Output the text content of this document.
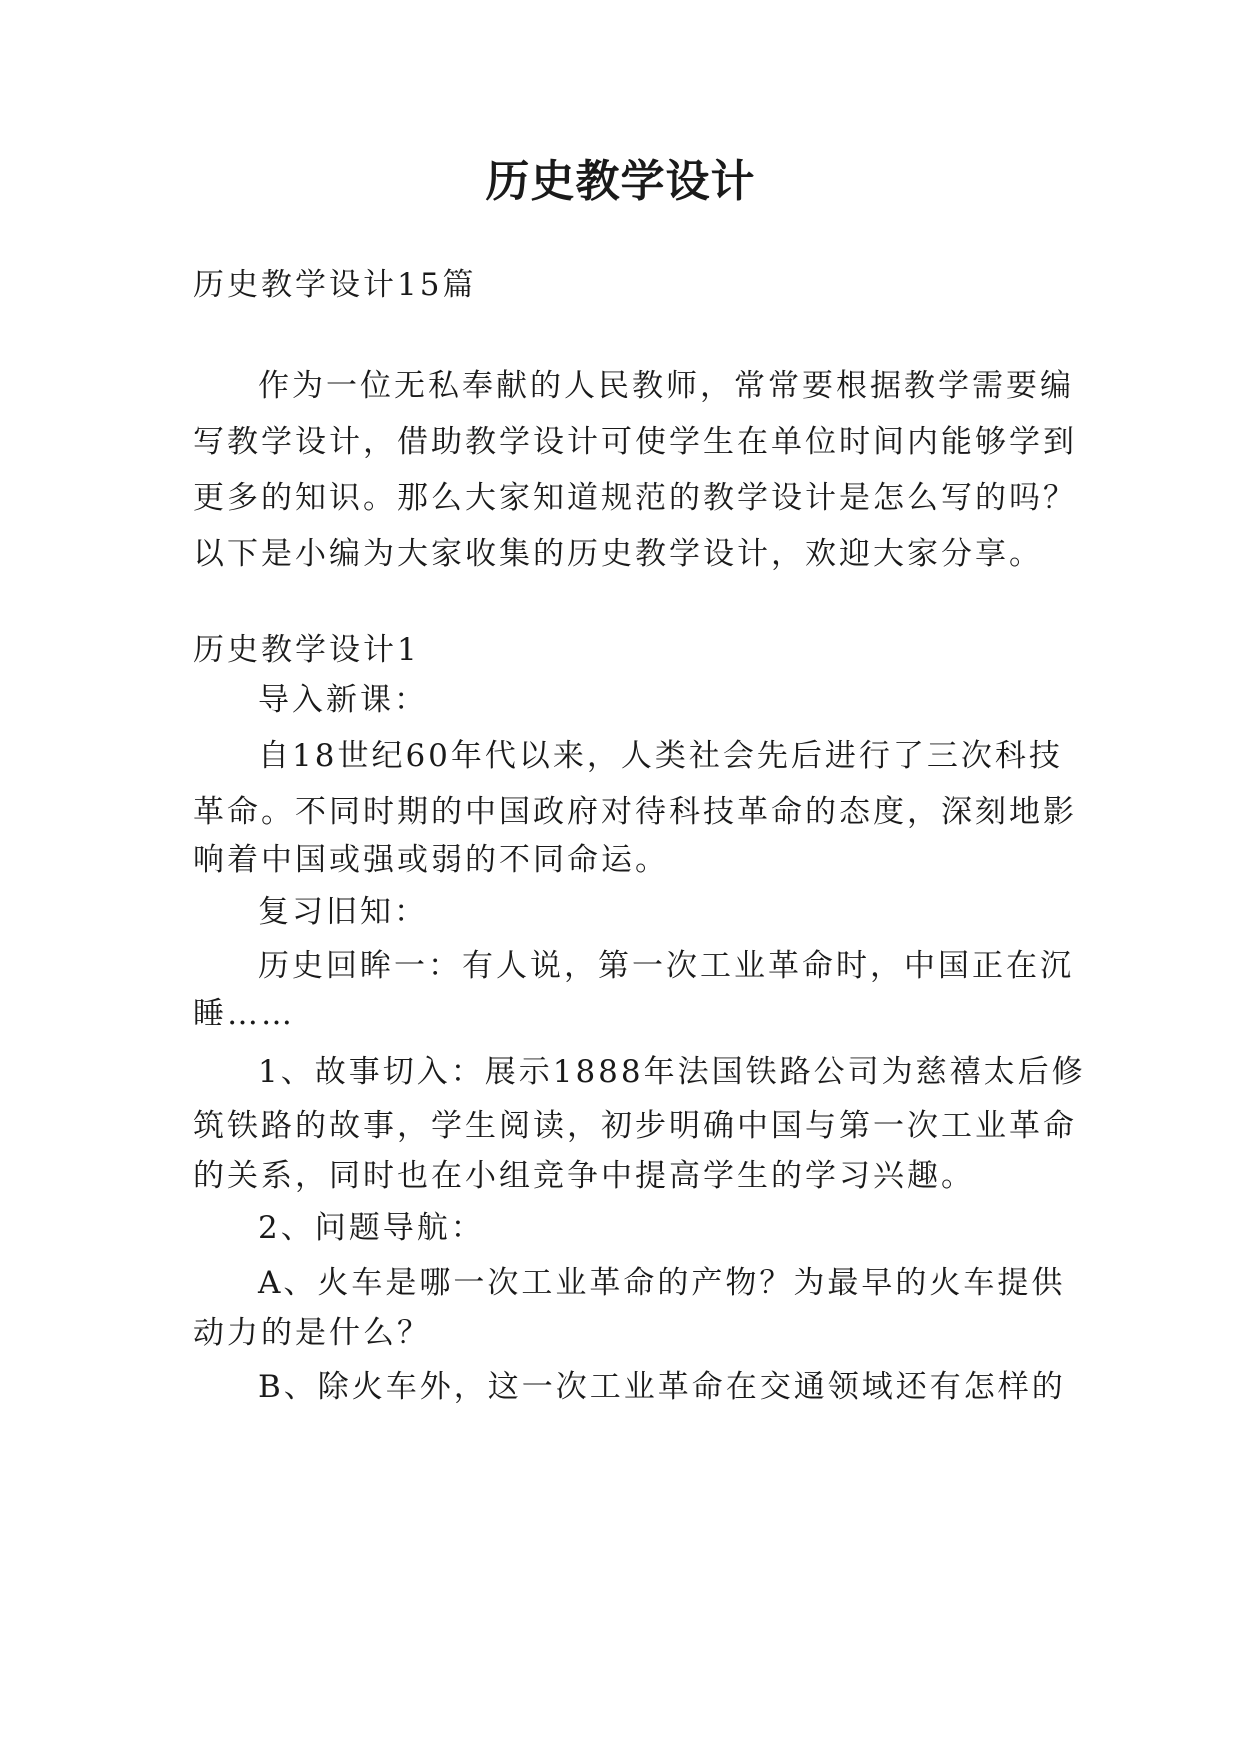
历史教学设计

历史教学设计15篇

作为一位无私奉献的人民教师，常常要根据教学需要编

写教学设计，借助教学设计可使学生在单位时间内能够学到

更多的知识。那么大家知道规范的教学设计是怎么写的吗？

以下是小编为大家收集的历史教学设计，欢迎大家分享。

历史教学设计1

导入新课：

自18世纪60年代以来，人类社会先后进行了三次科技

革命。不同时期的中国政府对待科技革命的态度，深刻地影

响着中国或强或弱的不同命运。

复习旧知：

历史回眸一：有人说，第一次工业革命时，中国正在沉

睡……

1、故事切入：展示1888年法国铁路公司为慈禧太后修

筑铁路的故事，学生阅读，初步明确中国与第一次工业革命

的关系，同时也在小组竞争中提高学生的学习兴趣。

2、问题导航：

A、火车是哪一次工业革命的产物？为最早的火车提供

动力的是什么？

B、除火车外，这一次工业革命在交通领域还有怎样的
